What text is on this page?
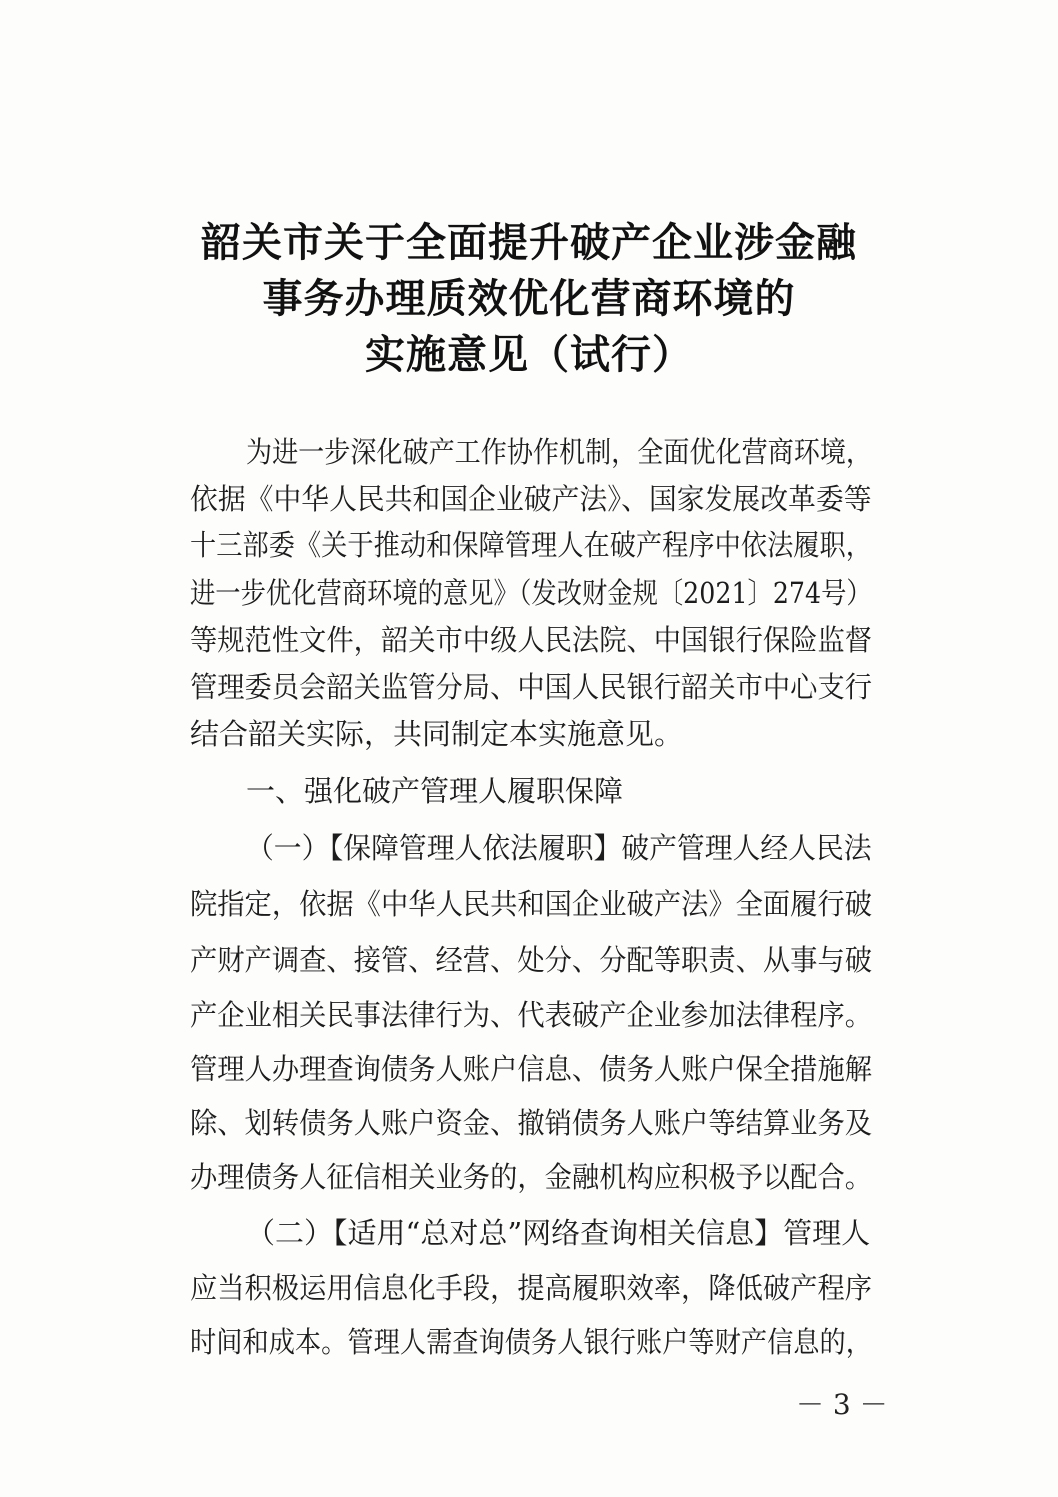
韶关市关于全面提升破产企业涉金融
事务办理质效优化营商环境的
实施意见（试行）
为进一步深化破产工作协作机制，全面优化营商环境，
依据《中华人民共和国企业破产法》、国家发展改革委等
十三部委《关于推动和保障管理人在破产程序中依法履职，
进一步优化营商环境的意见》（发改财金规〔2021〕274号）
等规范性文件，韶关市中级人民法院、中国银行保险监督
管理委员会韶关监管分局、中国人民银行韶关市中心支行
结合韶关实际，共同制定本实施意见。
一、强化破产管理人履职保障
（一）【保障管理人依法履职】破产管理人经人民法
院指定，依据《中华人民共和国企业破产法》全面履行破
产财产调查、接管、经营、处分、分配等职责、从事与破
产企业相关民事法律行为、代表破产企业参加法律程序。
管理人办理查询债务人账户信息、债务人账户保全措施解
除、划转债务人账户资金、撤销债务人账户等结算业务及
办理债务人征信相关业务的，金融机构应积极予以配合。
（二）【适用“总对总”网络查询相关信息】管理人
应当积极运用信息化手段，提高履职效率，降低破产程序
时间和成本。管理人需查询债务人银行账户等财产信息的，
－ 3 －
